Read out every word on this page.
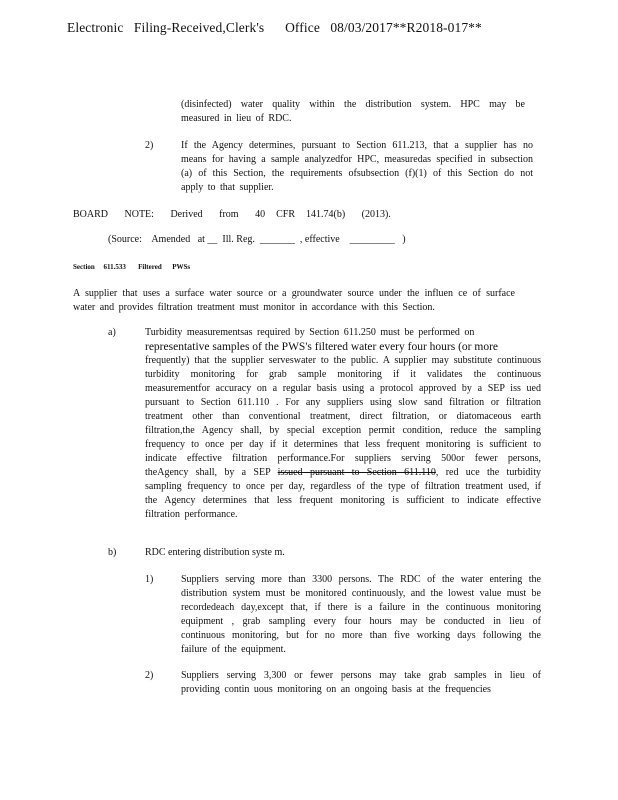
Electronic   Filing-Received,Clerk's      Office   08/03/2017**R2018-017**
(disinfected) water quality within the distribution system. HPC may be measured in lieu of RDC.
2)	If the Agency determines, pursuant to Section 611.213, that a supplier has no means for having a sample analyzedfor HPC, measuredas specified in subsection (a) of this Section, the requirements ofsubsection (f)(1) of this Section do not apply to that supplier.
BOARD   NOTE:   Derived   from   40  CFR  141.74(b)   (2013).
(Source:    Amended   at __  Ill. Reg.  _______  , effective    _________   )
Section     611.533       Filtered      PWSs
A supplier that uses a surface water source or a groundwater source under the influen ce of surface water and provides filtration treatment must monitor in accordance with this Section.
a)	Turbidity measurementsas required by Section 611.250 must be performed on
representative samples of the PWS's filtered water every four hours (or more
frequently) that the supplier serveswater to the public. A supplier may substitute continuous turbidity monitoring for grab sample monitoring if it validates the continuous measurementfor accuracy on a regular basis using a protocol approved by a SEP iss ued pursuant to Section 611.110 . For any suppliers using slow sand filtration or filtration treatment other than conventional treatment, direct filtration, or diatomaceous earth filtration,the Agency shall, by special exception permit condition, reduce the sampling frequency to once per day if it determines that less frequent monitoring is sufficient to indicate effective filtration performance.For suppliers serving 500or fewer persons, theAgency shall, by a SEP issued pursuant to Section 611.110, red uce the turbidity sampling frequency to once per day, regardless of the type of filtration treatment used, if the Agency determines that less frequent monitoring is sufficient to indicate effective filtration performance.
b)	RDC entering distribution syste m.
1)	Suppliers serving more than 3300 persons. The RDC of the water entering the distribution system must be monitored continuously, and the lowest value must be recordedeach day,except that, if there is a failure in the continuous monitoring equipment , grab sampling every four hours may be conducted in lieu of continuous monitoring, but for no more than five working days following the failure of the equipment.
2)	Suppliers serving 3,300 or fewer persons may take grab samples in lieu of providing contin uous monitoring on an ongoing basis at the frequencies
